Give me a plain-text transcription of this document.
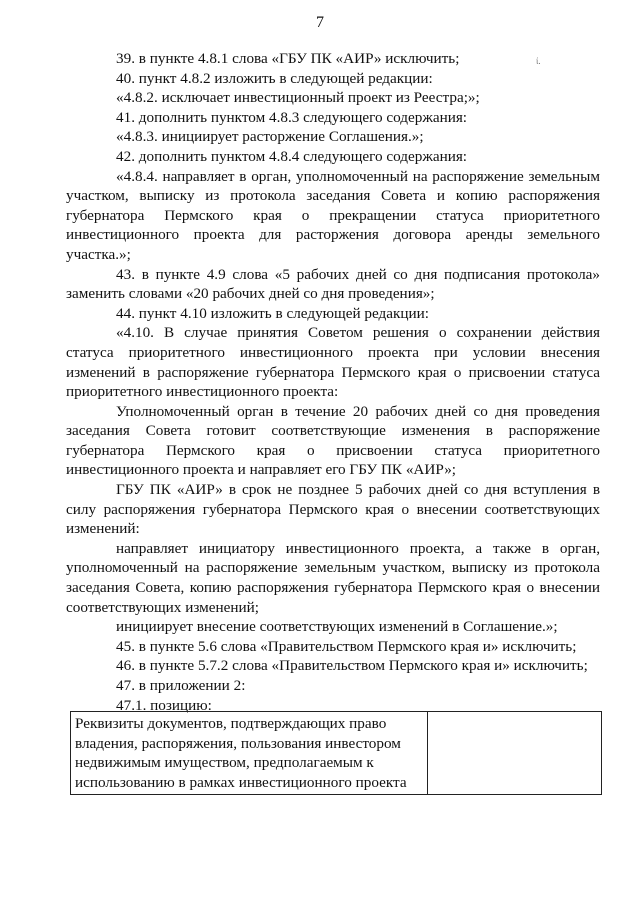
7
ί.

39. в пункте 4.8.1 слова «ГБУ ПК «АИР» исключить;

40. пункт 4.8.2 изложить в следующей редакции:

«4.8.2. исключает инвестиционный проект из Реестра;»;

41. дополнить пунктом 4.8.3 следующего содержания:

«4.8.3. инициирует расторжение Соглашения.»;

42. дополнить пунктом 4.8.4 следующего содержания:

«4.8.4. направляет в орган, уполномоченный на распоряжение земельным участком, выписку из протокола заседания Совета и копию распоряжения губернатора Пермского края о прекращении статуса приоритетного инвестиционного проекта для расторжения договора аренды земельного участка.»;

43. в пункте 4.9 слова «5 рабочих дней со дня подписания протокола» заменить словами «20 рабочих дней со дня проведения»;

44. пункт 4.10 изложить в следующей редакции:

«4.10. В случае принятия Советом решения о сохранении действия статуса приоритетного инвестиционного проекта при условии внесения изменений в распоряжение губернатора Пермского края о присвоении статуса приоритетного инвестиционного проекта:

Уполномоченный орган в течение 20 рабочих дней со дня проведения заседания Совета готовит соответствующие изменения в распоряжение губернатора Пермского края о присвоении статуса приоритетного инвестиционного проекта и направляет его ГБУ ПК «АИР»;

ГБУ ПК «АИР» в срок не позднее 5 рабочих дней со дня вступления в силу распоряжения губернатора Пермского края о внесении соответствующих изменений:

направляет инициатору инвестиционного проекта, а также в орган, уполномоченный на распоряжение земельным участком, выписку из протокола заседания Совета, копию распоряжения губернатора Пермского края о внесении соответствующих изменений;

инициирует внесение соответствующих изменений в Соглашение.»;

45. в пункте 5.6 слова «Правительством Пермского края и» исключить;

46. в пункте 5.7.2 слова «Правительством Пермского края и» исключить;

47. в приложении 2:

47.1. позицию:

Реквизиты документов, подтверждающих право владения, распоряжения, пользования инвестором недвижимым имуществом, предполагаемым к использованию в рамках инвестиционного проекта	
